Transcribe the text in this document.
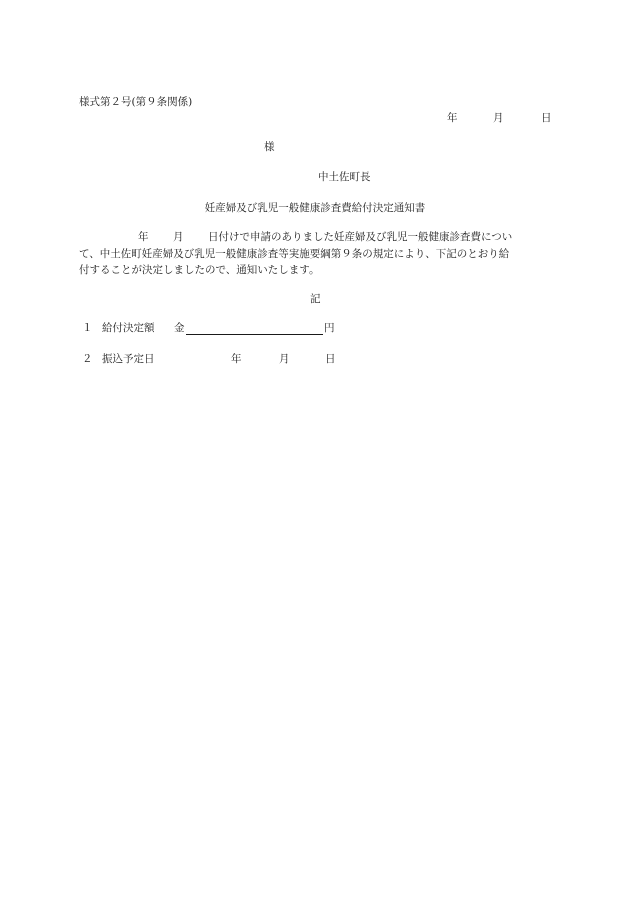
様式第２号(第９条関係)
年	月	日
様
中土佐町長
妊産婦及び乳児一般健康診査費給付決定通知書
年 月 日付けで申請のありました妊産婦及び乳児一般健康診査費につい
て、中土佐町妊産婦及び乳児一般健康診査等実施要綱第９条の規定により、下記のとおり給
付することが決定しましたので、通知いたします。
記
１ 給付決定額 金	円
２ 振込予定日	年	月	日
